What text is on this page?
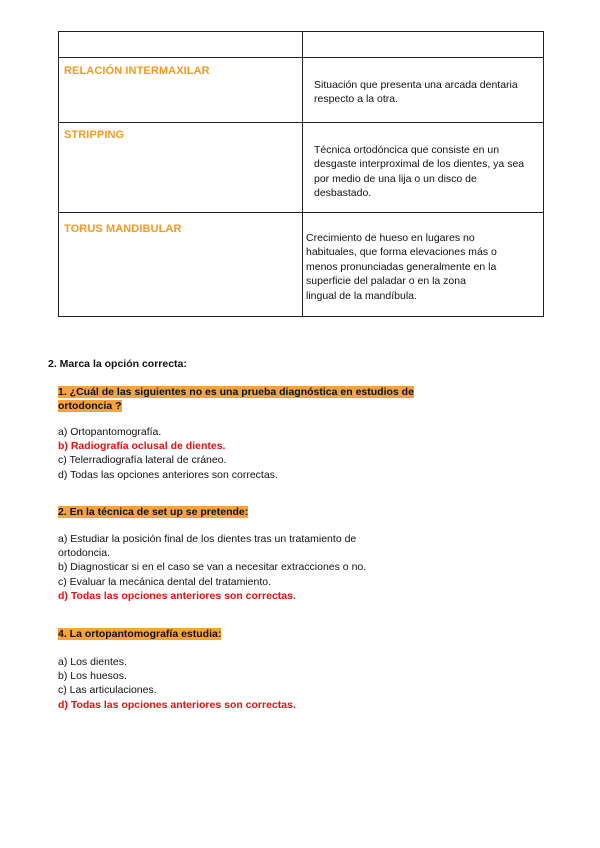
RELACIÓN INTERMAXILAR
Situación que presenta una arcada dentaria
respecto a la otra.
STRIPPING
Técnica ortodóncica que consiste en un
desgaste interproximal de los dientes, ya sea
por medio de una lija o un disco de
desbastado.
TORUS MANDIBULAR
Crecimiento de hueso en lugares no
habituales, que forma elevaciones más o
menos pronunciadas generalmente en la
superficie del paladar o en la zona
lingual de la mandíbula.
2. Marca la opción correcta:
1. ¿Cuál de las siguientes no es una prueba diagnóstica en estudios de
ortodoncia ?
a) Ortopantomografía.
b) Radiografía oclusal de dientes.
c) Telerradiografía lateral de cráneo.
d) Todas las opciones anteriores son correctas.
2. En la técnica de set up se pretende:
a) Estudiar la posición final de los dientes tras un tratamiento de
ortodoncia.
b) Diagnosticar si en el caso se van a necesitar extracciones o no.
c) Evaluar la mecánica dental del tratamiento.
d) Todas las opciones anteriores son correctas.
4. La ortopantomografía estudia:
a) Los dientes.
b) Los huesos.
c) Las articulaciones.
d) Todas las opciones anteriores son correctas.
